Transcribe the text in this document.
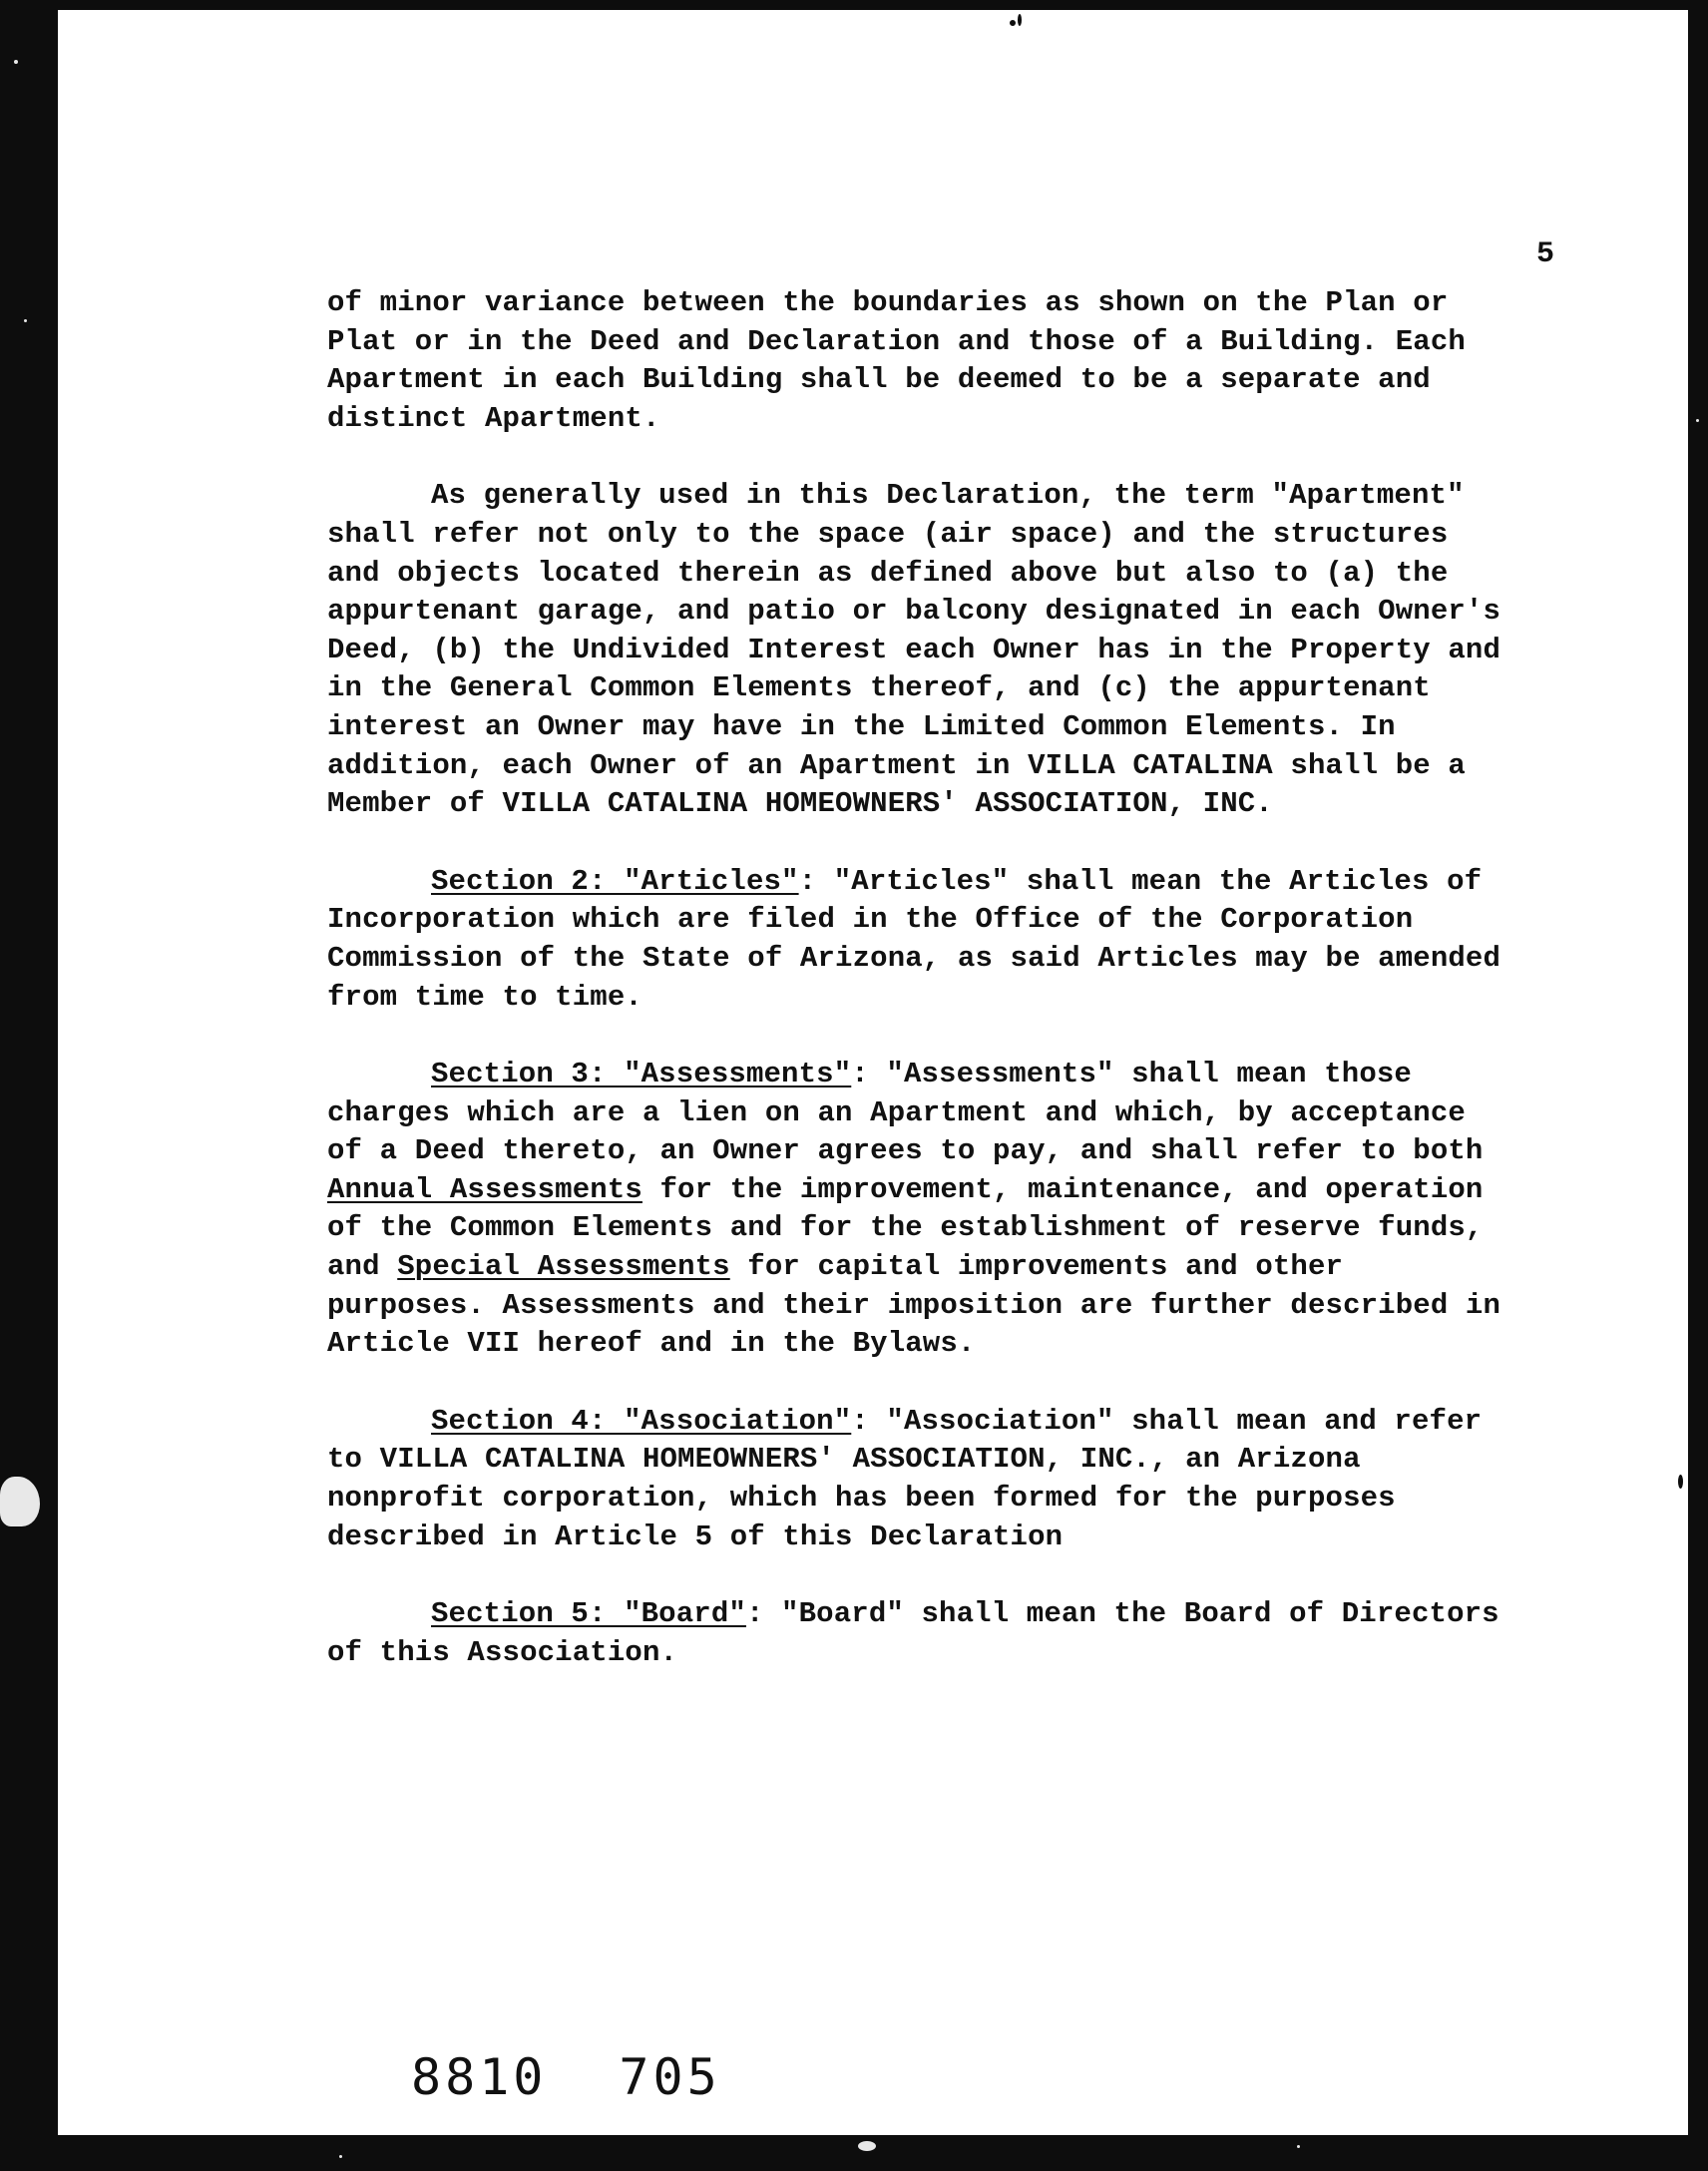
5

of minor variance between the boundaries as shown on the Plan or Plat or in the Deed and Declaration and those of a Building. Each Apartment in each Building shall be deemed to be a separate and distinct Apartment.

As generally used in this Declaration, the term "Apartment" shall refer not only to the space (air space) and the structures and objects located therein as defined above but also to (a) the appurtenant garage, and patio or balcony designated in each Owner's Deed, (b) the Undivided Interest each Owner has in the Property and in the General Common Elements thereof, and (c) the appurtenant interest an Owner may have in the Limited Common Elements. In addition, each Owner of an Apartment in VILLA CATALINA shall be a Member of VILLA CATALINA HOMEOWNERS' ASSOCIATION, INC.

Section 2: "Articles": "Articles" shall mean the Articles of Incorporation which are filed in the Office of the Corporation Commission of the State of Arizona, as said Articles may be amended from time to time.

Section 3: "Assessments": "Assessments" shall mean those charges which are a lien on an Apartment and which, by acceptance of a Deed thereto, an Owner agrees to pay, and shall refer to both Annual Assessments for the improvement, maintenance, and operation of the Common Elements and for the establishment of reserve funds, and Special Assessments for capital improvements and other purposes. Assessments and their imposition are further described in Article VII hereof and in the Bylaws.

Section 4: "Association": "Association" shall mean and refer to VILLA CATALINA HOMEOWNERS' ASSOCIATION, INC., an Arizona nonprofit corporation, which has been formed for the purposes described in Article 5 of this Declaration

Section 5: "Board": "Board" shall mean the Board of Directors of this Association.

8810 705
